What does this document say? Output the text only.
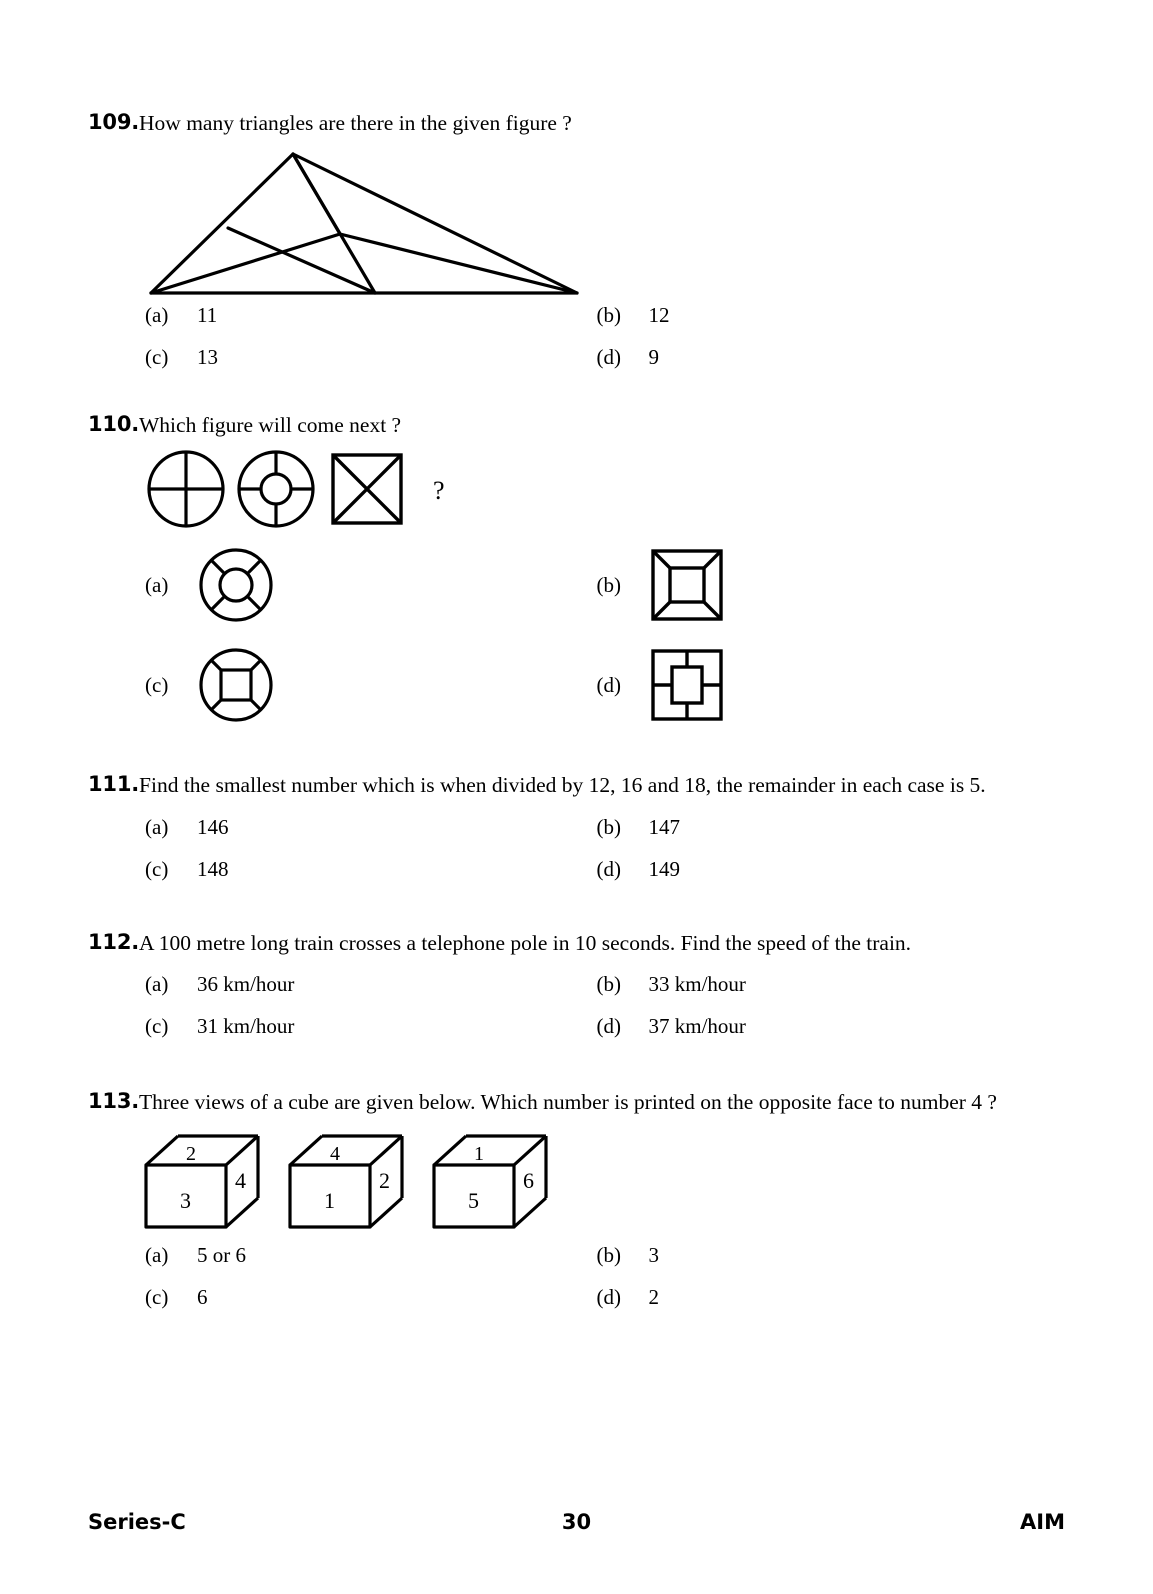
109. How many triangles are there in the given figure ?
(a)	11	(b)	12
(c)	13	(d)	9
110. Which figure will come next ?
?
(a)	(b)
(c)	(d)
111. Find the smallest number which is when divided by 12, 16 and 18, the remainder in each case is 5.
(a)	146	(b)	147
(c)	148	(d)	149
112. A 100 metre long train crosses a telephone pole in 10 seconds. Find the speed of the train.
(a)	36 km/hour	(b)	33 km/hour
(c)	31 km/hour	(d)	37 km/hour
113. Three views of a cube are given below. Which number is printed on the opposite face to number 4 ?
2
3
4
4
1
2
1
5
6
(a)	5 or 6	(b)	3
(c)	6	(d)	2
Series-C	30	AIM
